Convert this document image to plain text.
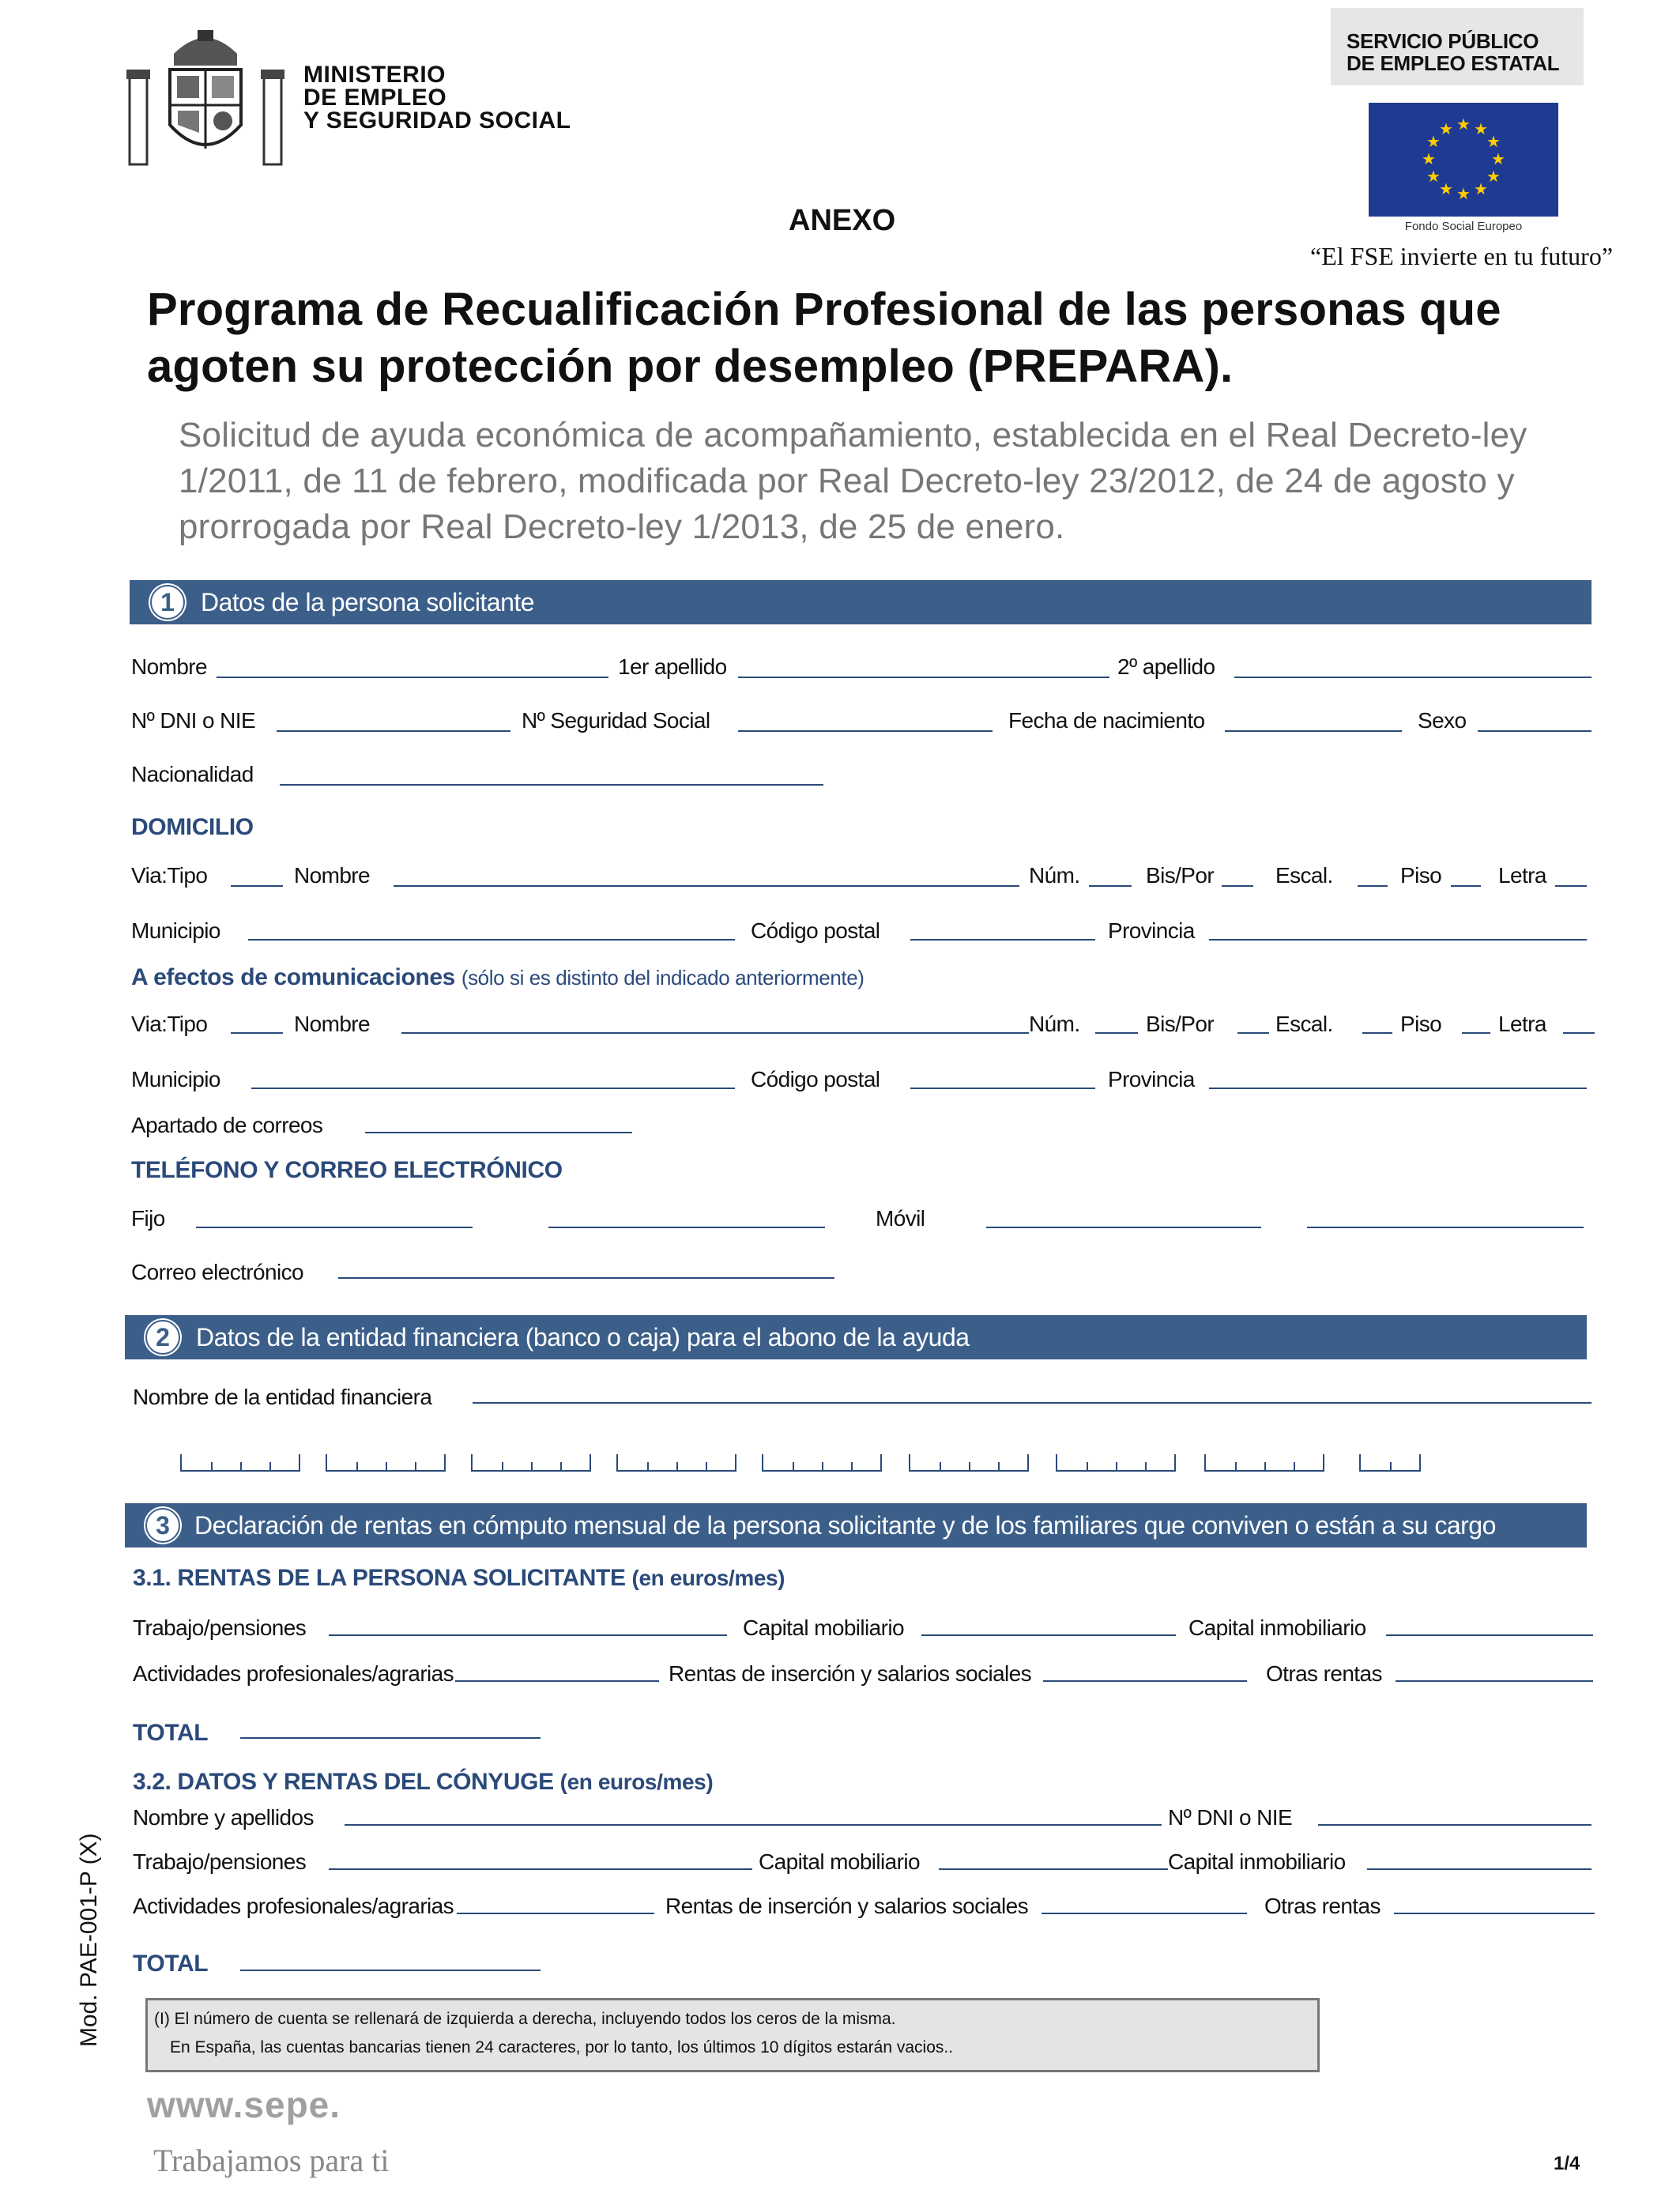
MINISTERIO
DE EMPLEO
Y SEGURIDAD SOCIAL
SERVICIO PÚBLICO
DE EMPLEO ESTATAL
★ ★
★
★
★
★
★
★
★
★
★
★
Fondo Social Europeo
“El FSE invierte en tu futuro”
ANEXO
Programa de Recualificación Profesional de las personas que agoten su protección por desempleo (PREPARA).
Solicitud de ayuda económica de acompañamiento, establecida en el Real Decreto-ley 1/2011, de 11 de febrero, modificada por Real Decreto-ley 23/2012, de 24 de agosto y prorrogada por Real Decreto-ley 1/2013, de 25 de enero.
1	Datos de la persona solicitante
Nombre	1er apellido	2º apellido
Nº DNI o NIE	Nº Seguridad Social	Fecha de nacimiento	Sexo
Nacionalidad
DOMICILIO
Via:Tipo	Nombre	Núm.	Bis/Por	Escal.	Piso	Letra
Municipio	Código postal	Provincia
A efectos de comunicaciones (sólo si es distinto del indicado anteriormente)
Via:Tipo	Nombre	Núm.	Bis/Por	Escal.	Piso	Letra
Municipio	Código postal	Provincia
Apartado de correos
TELÉFONO Y CORREO ELECTRÓNICO
Fijo	Móvil
Correo electrónico
2	Datos de la entidad financiera (banco o caja) para el abono de la ayuda
Nombre de la entidad financiera
3 Declaración de rentas en cómputo mensual de la persona solicitante y de los familiares que conviven o están a su cargo
3.1. RENTAS DE LA PERSONA SOLICITANTE (en euros/mes)
Trabajo/pensiones	Capital mobiliario	Capital inmobiliario
Actividades profesionales/agrarias	Rentas de inserción y salarios sociales	Otras rentas
TOTAL
3.2. DATOS Y RENTAS DEL CÓNYUGE (en euros/mes)
Nombre y apellidos	Nº DNI o NIE
Trabajo/pensiones	Capital mobiliario	Capital inmobiliario
Actividades profesionales/agrarias	Rentas de inserción y salarios sociales	Otras rentas
TOTAL
(I) El número de cuenta se rellenará de izquierda a derecha, incluyendo todos los ceros de la misma.
En España, las cuentas bancarias tienen 24 caracteres, por lo tanto, los últimos 10 dígitos estarán vacios..
www.sepe.
Trabajamos para ti	1/4
Mod. PAE-001-P (X)
